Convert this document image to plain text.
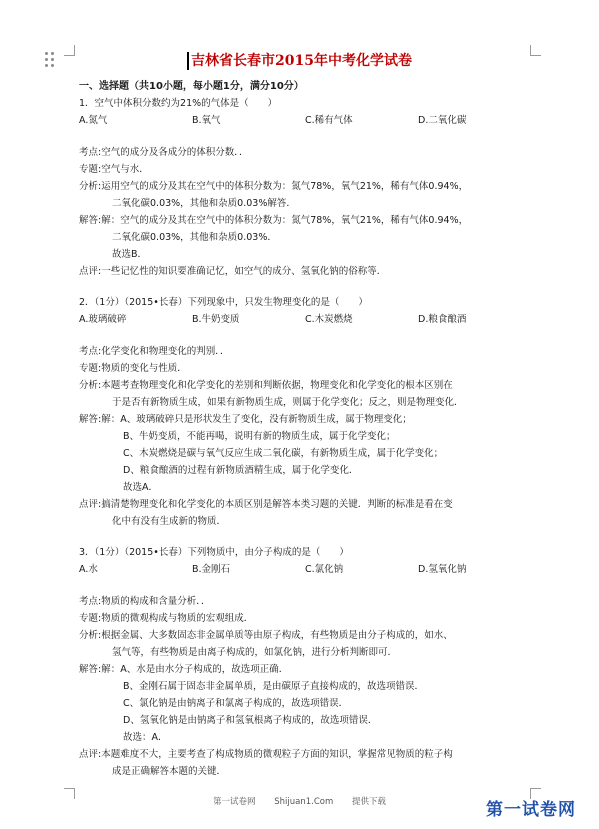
吉林省长春市2015年中考化学试卷
一、选择题（共10小题，每小题1分，满分10分）
1．空气中体积分数约为21%的气体是（　　）
A.氮气	B.氧气	C.稀有气体	D.二氧化碳
考点:空气的成分及各成分的体积分数．．
专题:空气与水．
分析:运用空气的成分及其在空气中的体积分数为：氮气78%，氧气21%，稀有气体0.94%，
二氧化碳0.03%，其他和杂质0.03%解答．
解答:解：空气的成分及其在空气中的体积分数为：氮气78%，氧气21%，稀有气体0.94%，
二氧化碳0.03%，其他和杂质0.03%．
故选B．
点评:一些记忆性的知识要准确记忆，如空气的成分、氢氧化钠的俗称等．
2．（1分）（2015•长春）下列现象中，只发生物理变化的是（　　）
A.玻璃破碎	B.牛奶变质	C.木炭燃烧	D.粮食酿酒
考点:化学变化和物理变化的判别．．
专题:物质的变化与性质．
分析:本题考查物理变化和化学变化的差别和判断依据，物理变化和化学变化的根本区别在
于是否有新物质生成，如果有新物质生成，则属于化学变化；反之，则是物理变化．
解答:解：A、玻璃破碎只是形状发生了变化，没有新物质生成，属于物理变化；
B、牛奶变质，不能再喝，说明有新的物质生成，属于化学变化；
C、木炭燃烧是碳与氧气反应生成二氧化碳，有新物质生成，属于化学变化；
D、粮食酿酒的过程有新物质酒精生成，属于化学变化．
故选A．
点评:搞清楚物理变化和化学变化的本质区别是解答本类习题的关键．判断的标准是看在变
化中有没有生成新的物质．
3．（1分）（2015•长春）下列物质中，由分子构成的是（　　）
A.水	B.金刚石	C.氯化钠	D.氢氧化钠
考点:物质的构成和含量分析．．
专题:物质的微观构成与物质的宏观组成．
分析:根据金属、大多数固态非金属单质等由原子构成，有些物质是由分子构成的，如水、
氢气等，有些物质是由离子构成的，如氯化钠，进行分析判断即可．
解答:解：A、水是由水分子构成的，故选项正确．
B、金刚石属于固态非金属单质，是由碳原子直接构成的，故选项错误．
C、氯化钠是由钠离子和氯离子构成的，故选项错误．
D、氢氧化钠是由钠离子和氢氧根离子构成的，故选项错误．
故选：A．
点评:本题难度不大，主要考查了构成物质的微观粒子方面的知识，掌握常见物质的粒子构
成是正确解答本题的关键．
第一试卷网 Shijuan1.Com 提供下载	第一试卷网
